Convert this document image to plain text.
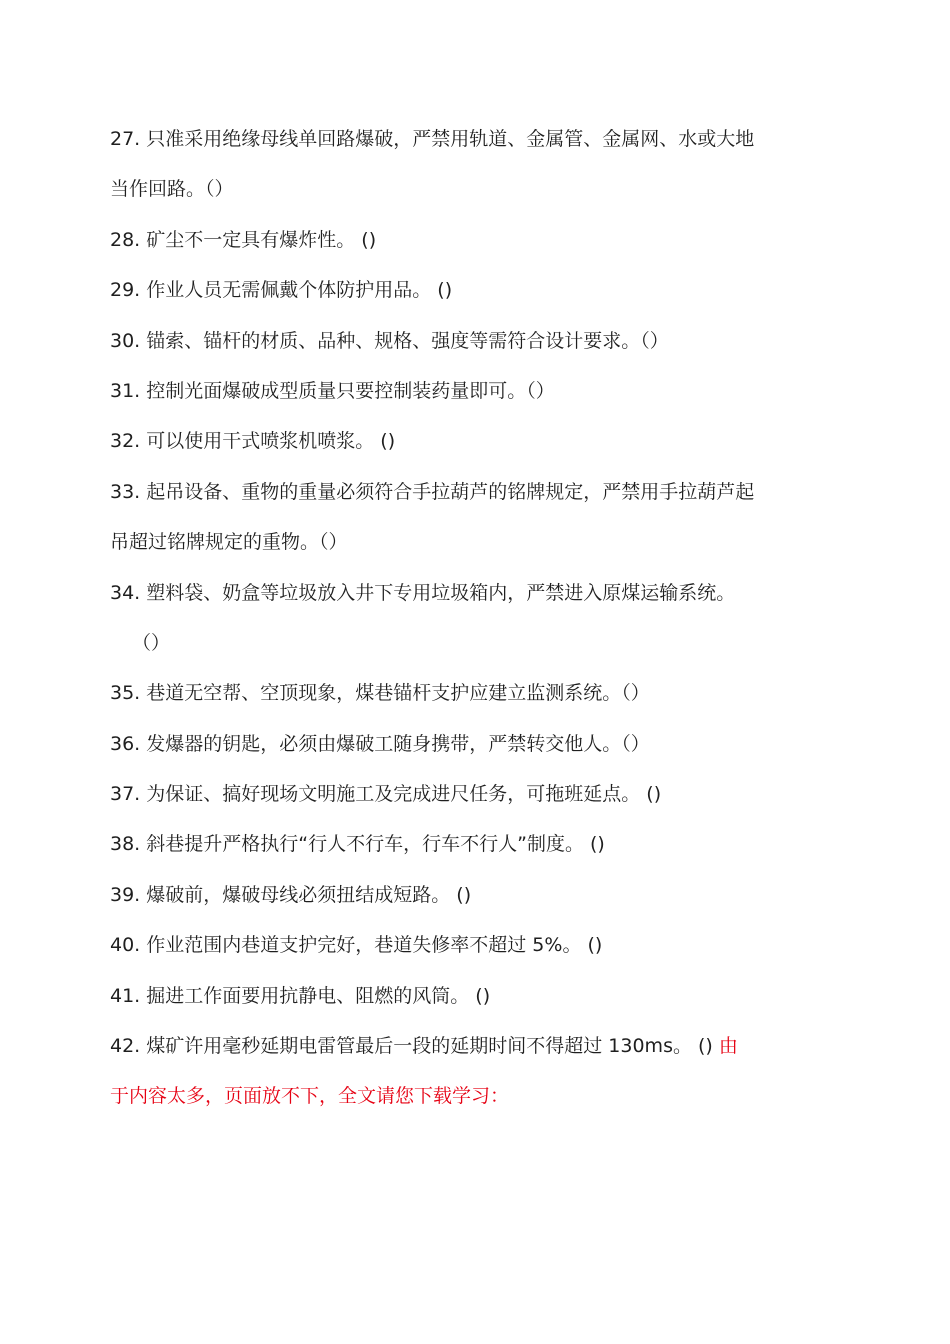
27. 只准采用绝缘母线单回路爆破，严禁用轨道、金属管、金属网、水或大地
当作回路。（）
28. 矿尘不一定具有爆炸性。 ()
29. 作业人员无需佩戴个体防护用品。 ()
30. 锚索、锚杆的材质、品种、规格、强度等需符合设计要求。（）
31. 控制光面爆破成型质量只要控制装药量即可。（）
32. 可以使用干式喷浆机喷浆。 ()
33. 起吊设备、重物的重量必须符合手拉葫芦的铭牌规定，严禁用手拉葫芦起
吊超过铭牌规定的重物。（）
34. 塑料袋、奶盒等垃圾放入井下专用垃圾箱内，严禁进入原煤运输系统。
（）
35. 巷道无空帮、空顶现象，煤巷锚杆支护应建立监测系统。（）
36. 发爆器的钥匙，必须由爆破工随身携带，严禁转交他人。（）
37. 为保证、搞好现场文明施工及完成进尺任务，可拖班延点。 ()
38. 斜巷提升严格执行“行人不行车，行车不行人”制度。 ()
39. 爆破前，爆破母线必须扭结成短路。 ()
40. 作业范围内巷道支护完好，巷道失修率不超过 5%。 ()
41. 掘进工作面要用抗静电、阻燃的风筒。 ()
42. 煤矿许用毫秒延期电雷管最后一段的延期时间不得超过 130ms。 () 由
于内容太多，页面放不下，全文请您下载学习：
